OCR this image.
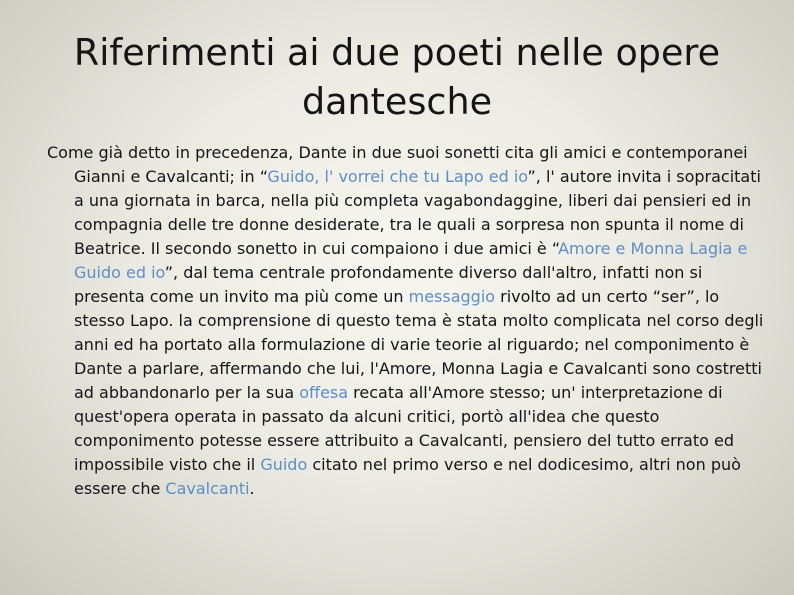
Riferimenti ai due poeti nelle opere dantesche

Come già detto in precedenza, Dante in due suoi sonetti cita gli amici e contemporanei Gianni e Cavalcanti; in “Guido, l' vorrei che tu Lapo ed io”, l' autore invita i sopracitati a una giornata in barca, nella più completa vagabondaggine, liberi dai pensieri ed in compagnia delle tre donne desiderate, tra le quali a sorpresa non spunta il nome di Beatrice. Il secondo sonetto in cui compaiono i due amici è “Amore e Monna Lagia e Guido ed io”, dal tema centrale profondamente diverso dall'altro, infatti non si presenta come un invito ma più come un messaggio rivolto ad un certo “ser”, lo stesso Lapo. la comprensione di questo tema è stata molto complicata nel corso degli anni ed ha portato alla formulazione di varie teorie al riguardo; nel componimento è Dante a parlare, affermando che lui, l'Amore, Monna Lagia e Cavalcanti sono costretti ad abbandonarlo per la sua offesa recata all'Amore stesso; un' interpretazione di quest'opera operata in passato da alcuni critici, portò all'idea che questo componimento potesse essere attribuito a Cavalcanti, pensiero del tutto errato ed impossibile visto che il Guido citato nel primo verso e nel dodicesimo, altri non può essere che Cavalcanti.
